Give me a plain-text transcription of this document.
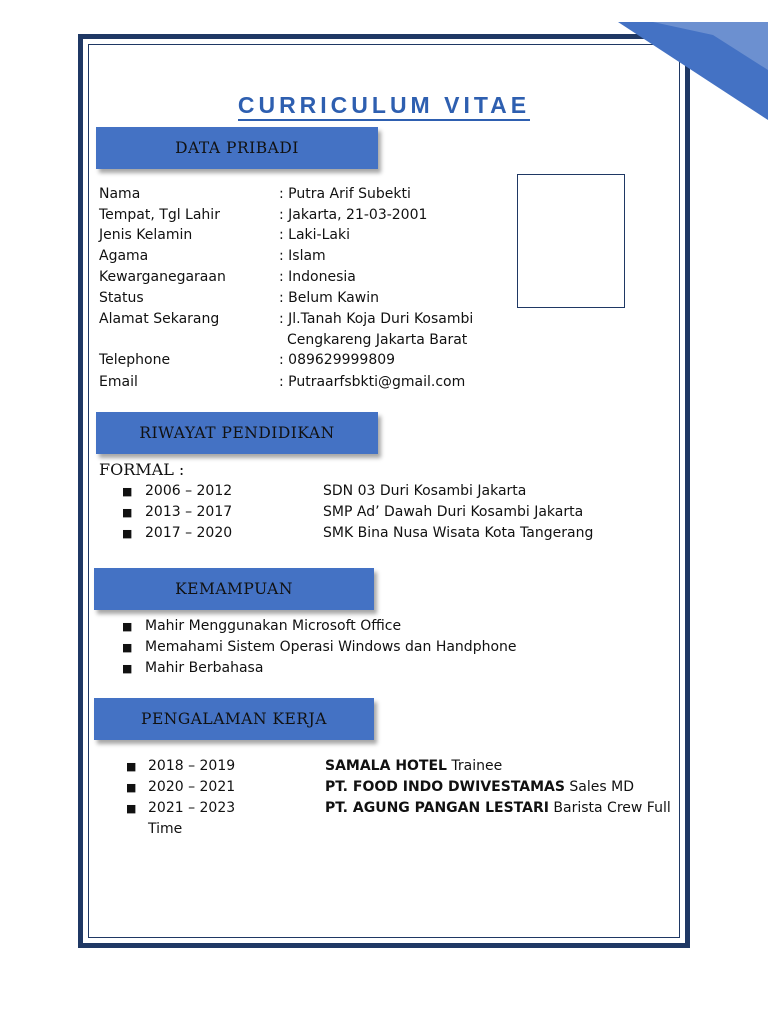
CURRICULUM VITAE
DATA PRIBADI
Nama	: Putra Arif Subekti
Tempat, Tgl Lahir	: Jakarta, 21-03-2001
Jenis Kelamin	: Laki-Laki
Agama	: Islam
Kewarganegaraan	: Indonesia
Status	: Belum Kawin
Alamat Sekarang	: Jl.Tanah Koja Duri Kosambi
Cengkareng Jakarta Barat
Telephone	: 089629999809
Email	: Putraarfsbkti@gmail.com
RIWAYAT PENDIDIKAN
FORMAL :
■ 2006 – 2012	SDN 03 Duri Kosambi Jakarta
■ 2013 – 2017	SMP Ad’ Dawah Duri Kosambi Jakarta
■ 2017 – 2020	SMK Bina Nusa Wisata Kota Tangerang
KEMAMPUAN
■ Mahir Menggunakan Microsoft Office
■ Memahami Sistem Operasi Windows dan Handphone
■ Mahir Berbahasa
PENGALAMAN KERJA
■ 2018 – 2019	SAMALA HOTEL Trainee
■ 2020 – 2021	PT. FOOD INDO DWIVESTAMAS Sales MD
■ 2021 – 2023	PT. AGUNG PANGAN LESTARI Barista Crew Full
Time
